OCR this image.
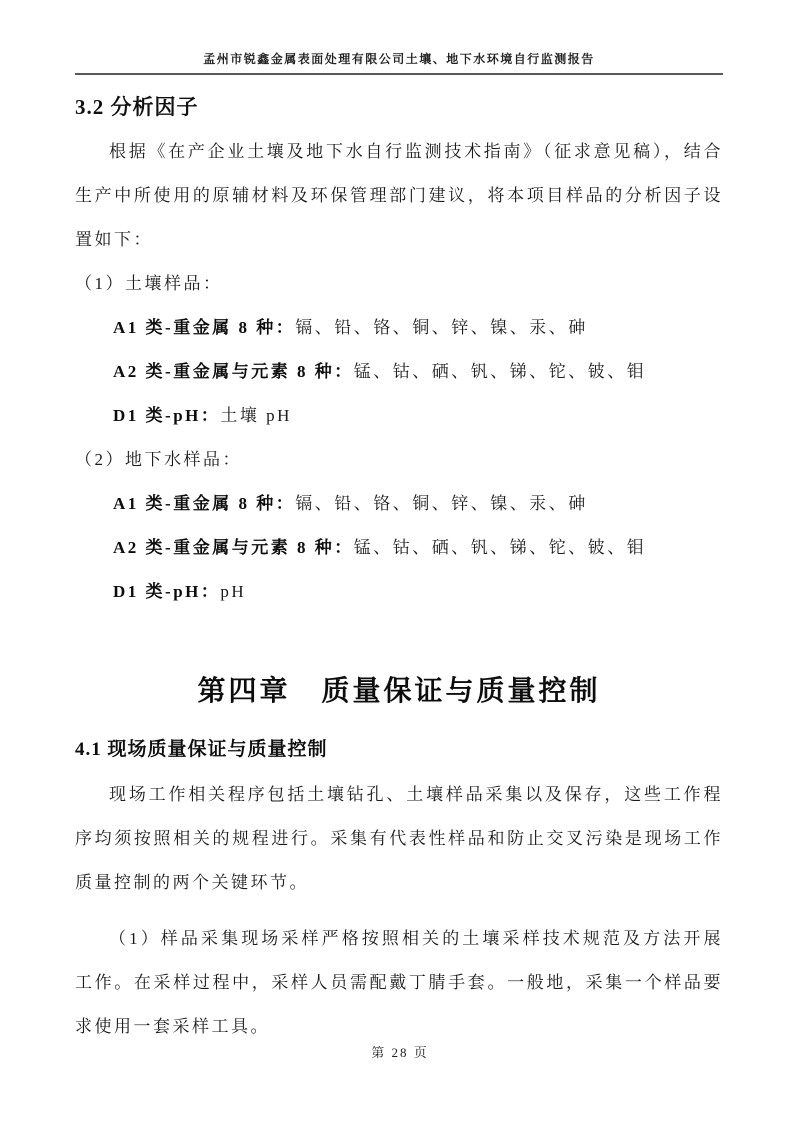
孟州市锐鑫金属表面处理有限公司土壤、地下水环境自行监测报告
3.2 分析因子

根据《在产企业土壤及地下水自行监测技术指南》（征求意见稿），结合生产中所使用的原辅材料及环保管理部门建议，将本项目样品的分析因子设置如下：

（1）土壤样品：
A1 类-重金属 8 种：镉、铅、铬、铜、锌、镍、汞、砷
A2 类-重金属与元素 8 种：锰、钴、硒、钒、锑、铊、铍、钼
D1 类-pH：土壤 pH
（2）地下水样品：
A1 类-重金属 8 种：镉、铅、铬、铜、锌、镍、汞、砷
A2 类-重金属与元素 8 种：锰、钴、硒、钒、锑、铊、铍、钼
D1 类-pH：pH
第四章　质量保证与质量控制
4.1 现场质量保证与质量控制

现场工作相关程序包括土壤钻孔、土壤样品采集以及保存，这些工作程序均须按照相关的规程进行。采集有代表性样品和防止交叉污染是现场工作质量控制的两个关键环节。

（1）样品采集现场采样严格按照相关的土壤采样技术规范及方法开展工作。在采样过程中，采样人员需配戴丁腈手套。一般地，采集一个样品要求使用一套采样工具。

第 28 页
